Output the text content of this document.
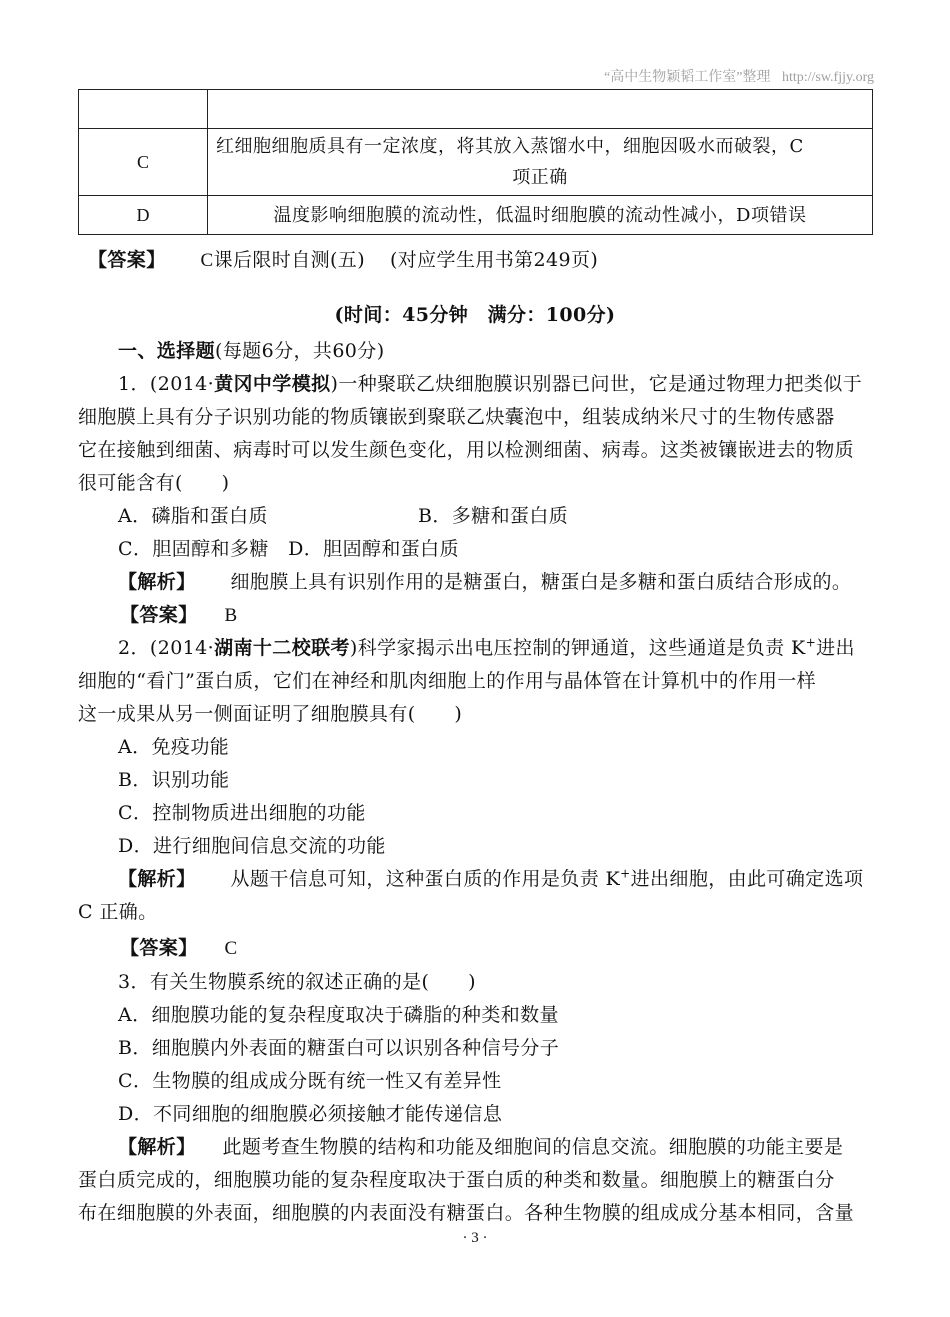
“高中生物颖韬工作室”整理 http://sw.fjjy.org

C	红细胞细胞质具有一定浓度，将其放入蒸馏水中，细胞因吸水而破裂，C
项正确

D	温度影响细胞膜的流动性，低温时细胞膜的流动性减小，D项错误
【答案】 C课后限时自测(五) (对应学生用书第249页)
(时间：45分钟　满分：100分)
一、选择题(每题6分，共60分)
1．(2014·黄冈中学模拟)一种聚联乙炔细胞膜识别器已问世，它是通过物理力把类似于
细胞膜上具有分子识别功能的物质镶嵌到聚联乙炔囊泡中，组装成纳米尺寸的生物传感器
它在接触到细菌、病毒时可以发生颜色变化，用以检测细菌、病毒。这类被镶嵌进去的物质
很可能含有(　　)
A．磷脂和蛋白质	B．多糖和蛋白质
C．胆固醇和多糖　D．胆固醇和蛋白质
【解析】 细胞膜上具有识别作用的是糖蛋白，糖蛋白是多糖和蛋白质结合形成的。
【答案】 B
2．(2014·湖南十二校联考)科学家揭示出电压控制的钾通道，这些通道是负责 K+进出
细胞的“看门”蛋白质，它们在神经和肌肉细胞上的作用与晶体管在计算机中的作用一样
这一成果从另一侧面证明了细胞膜具有(　　)
A．免疫功能
B．识别功能
C．控制物质进出细胞的功能
D．进行细胞间信息交流的功能
【解析】 从题干信息可知，这种蛋白质的作用是负责 K+进出细胞，由此可确定选项
C 正确。
【答案】 C
3．有关生物膜系统的叙述正确的是(　　)
A．细胞膜功能的复杂程度取决于磷脂的种类和数量
B．细胞膜内外表面的糖蛋白可以识别各种信号分子
C．生物膜的组成成分既有统一性又有差异性
D．不同细胞的细胞膜必须接触才能传递信息
【解析】 此题考查生物膜的结构和功能及细胞间的信息交流。细胞膜的功能主要是
蛋白质完成的，细胞膜功能的复杂程度取决于蛋白质的种类和数量。细胞膜上的糖蛋白分
布在细胞膜的外表面，细胞膜的内表面没有糖蛋白。各种生物膜的组成成分基本相同，含量
· 3 ·
